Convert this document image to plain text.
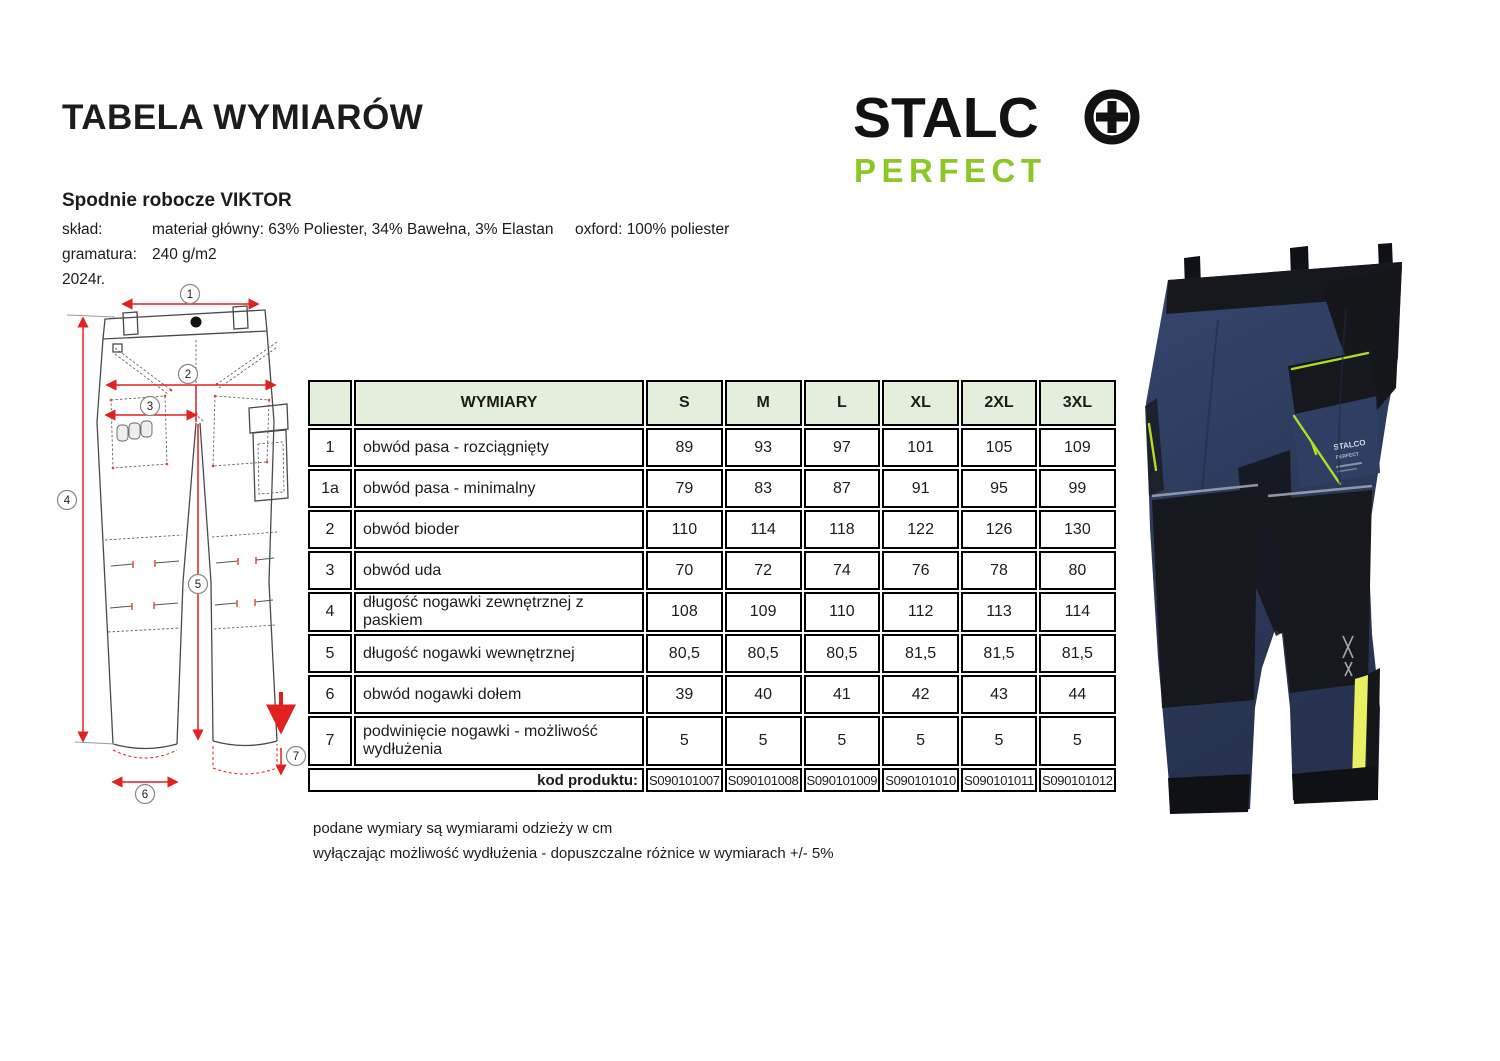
TABELA WYMIARÓW	STALC
PERFECT
Spodnie robocze VIKTOR
skład:	materiał główny: 63% Poliester, 34% Bawełna, 3% Elastan oxford: 100% poliester
gramatura: 240 g/m2
2024r.
1
2
3
4
5
6
7
	WYMIARY	S	M	L	XL	2XL	3XL
1	obwód pasa - rozciągnięty	89	93	97	101	105	109
1a	obwód pasa - minimalny	79	83	87	91	95	99
2	obwód bioder	110	114	118	122	126	130
3	obwód uda	70	72	74	76	78	80
4	długość nogawki zewnętrznej z paskiem	108	109	110	112	113	114
5	długość nogawki wewnętrznej	80,5	80,5	80,5	81,5	81,5	81,5
6	obwód nogawki dołem	39	40	41	42	43	44
7	podwinięcie nogawki - możliwość wydłużenia	5	5	5	5	5	5
kod produktu:		S090101007	S090101008	S090101009	S090101010	S090101011	S090101012
podane wymiary są wymiarami odzieży w cm
wyłączając możliwość wydłużenia - dopuszczalne różnice w wymiarach +/- 5%
STALCO
PERFECT
